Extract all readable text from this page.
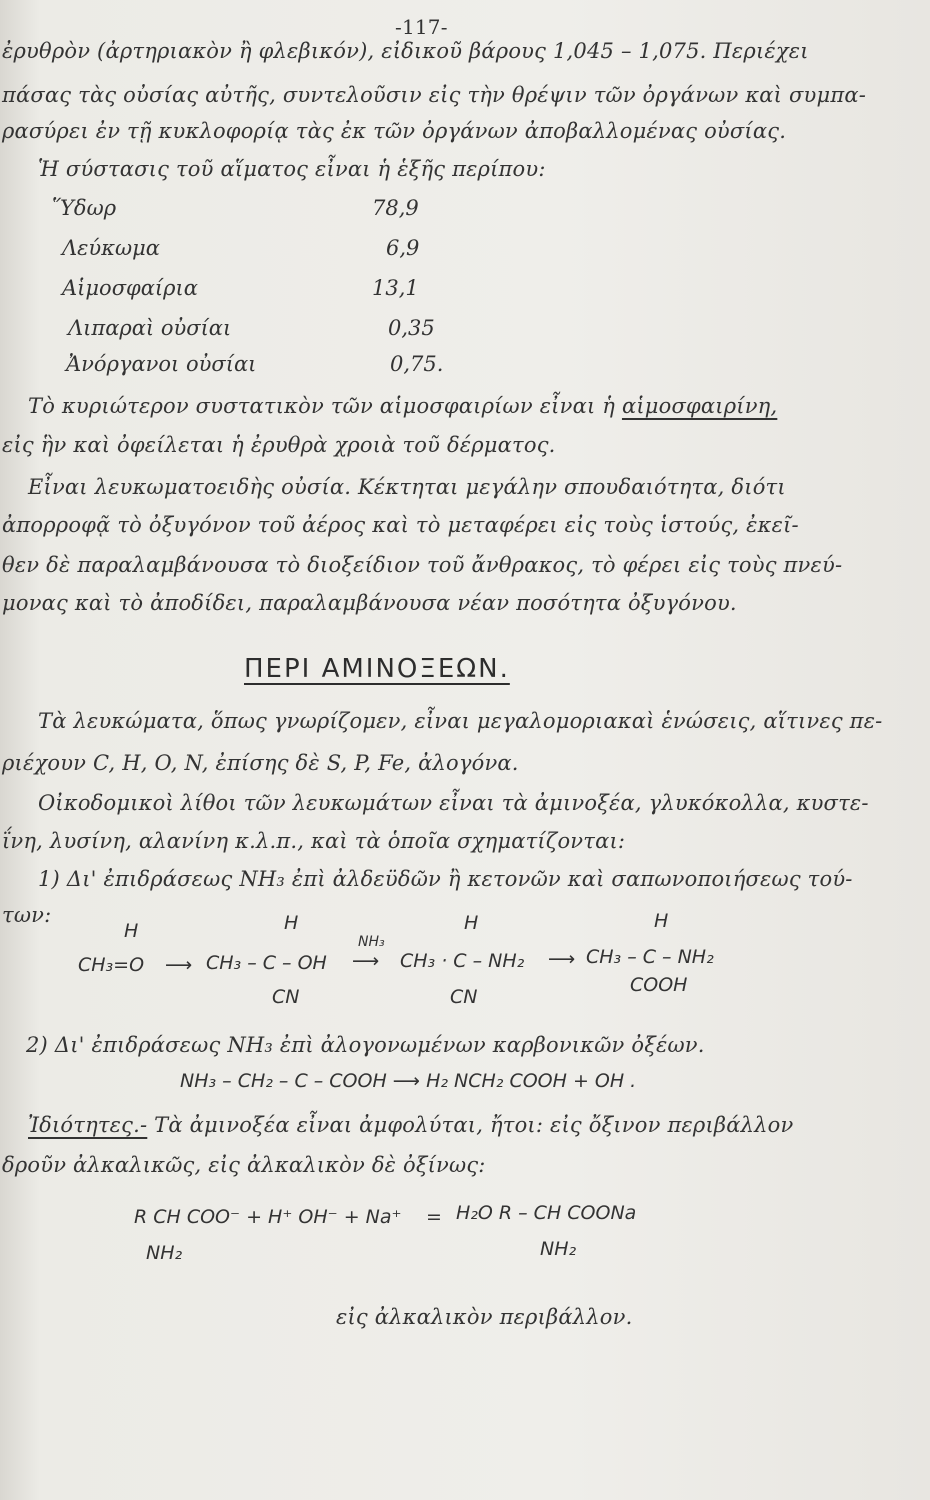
-117-
ἐρυθρὸν (ἀρτηριακὸν ἢ φλεβικόν), εἰδικοῦ βάρους 1,045 – 1,075. Περιέχει
πάσας τὰς οὐσίας αὐτῆς, συντελοῦσιν εἰς τὴν θρέψιν τῶν ὀργάνων καὶ συμπα-
ρασύρει ἐν τῇ κυκλοφορίᾳ τὰς ἐκ τῶν ὀργάνων ἀποβαλλομένας οὐσίας.
Ἡ σύστασις τοῦ αἵματος εἶναι ἡ ἑξῆς περίπου:
Ὕδωρ	78,9
Λεύκωμα	6,9
Αἱμοσφαίρια	13,1
Λιπαραὶ οὐσίαι	0,35
Ἀνόργανοι οὐσίαι	0,75.
Τὸ κυριώτερον συστατικὸν τῶν αἱμοσφαιρίων εἶναι ἡ αἱμοσφαιρίνη,
εἰς ἣν καὶ ὀφείλεται ἡ ἐρυθρὰ χροιὰ τοῦ δέρματος.
Εἶναι λευκωματοειδὴς οὐσία. Κέκτηται μεγάλην σπουδαιότητα, διότι
ἀπορροφᾷ τὸ ὀξυγόνον τοῦ ἀέρος καὶ τὸ μεταφέρει εἰς τοὺς ἱστούς, ἐκεῖ-
θεν δὲ παραλαμβάνουσα τὸ διοξείδιον τοῦ ἄνθρακος, τὸ φέρει εἰς τοὺς πνεύ-
μονας καὶ τὸ ἀποδίδει, παραλαμβάνουσα νέαν ποσότητα ὀξυγόνου.
ΠΕΡΙ ΑΜΙΝΟΞΕΩΝ.
Τὰ λευκώματα, ὅπως γνωρίζομεν, εἶναι μεγαλομοριακαὶ ἑνώσεις, αἵτινες πε-
ριέχουν C, H, O, N, ἐπίσης δὲ S, P, Fe, ἀλογόνα.
Οἰκοδομικοὶ λίθοι τῶν λευκωμάτων εἶναι τὰ ἀμινοξέα, γλυκόκολλα, κυστε-
ΐνη, λυσίνη, αλανίνη κ.λ.π., καὶ τὰ ὁποῖα σχηματίζονται:
1) Δι' ἐπιδράσεως NH₃ ἐπὶ ἀλδεϋδῶν ἢ κετονῶν καὶ σαπωνοποιήσεως τού-
των:
H
CH₃=O ⟶
H
CH₃ – C – OH
CN
NH₃
⟶
H
CH₃ · C – NH₂
CN
⟶
H
CH₃ – C – NH₂
COOH
2) Δι' ἐπιδράσεως NH₃ ἐπὶ ἀλογονωμένων καρβονικῶν ὀξέων.
NH₃ – CH₂ – C – COOH ⟶ H₂ NCH₂ COOH + OH .
Ἰδιότητες.- Τὰ ἀμινοξέα εἶναι ἀμφολύται, ἤτοι: εἰς ὄξινον περιβάλλον
δροῦν ἀλκαλικῶς, εἰς ἀλκαλικὸν δὲ ὀξίνως:
R CH COO⁻ + H⁺ OH⁻ + Na⁺ = H₂O R – CH COONa
NH₂	NH₂
εἰς ἀλκαλικὸν περιβάλλον.
